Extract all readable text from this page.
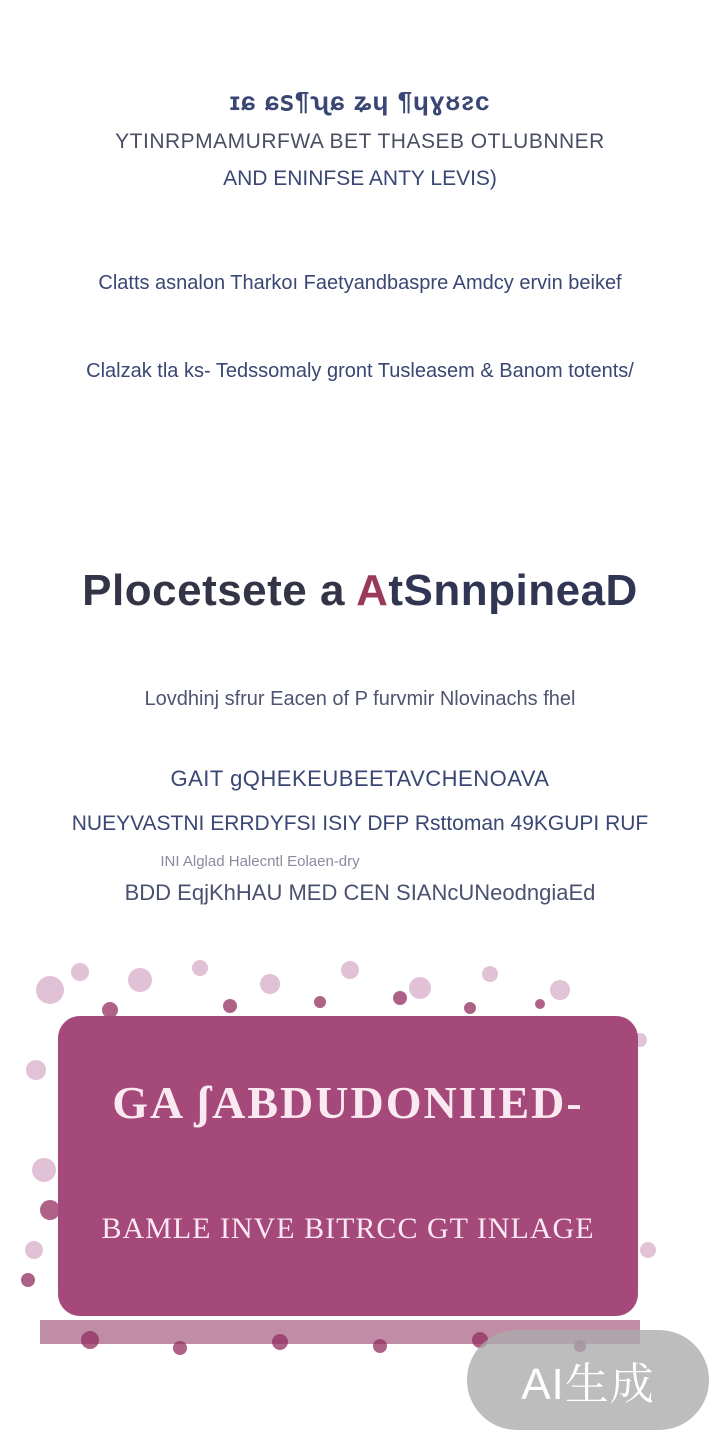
ɪɕ ɕꜱ¶ʯɕ ʑɥ ¶ɥɣᴕᴤᴄ
YTINRPMAMURFWA BET THASEB OTLUBNNER
AND ENINFSE ANTY LEVIS)
Clatts asnalon Tharkoı Faetyandbaspre Amdcy ervin beikef
Clalzak tla ks- Tedssomaly gront Tusleasem & Banom totents/
Plocetsete a AtSnnpineaD
Lovdhinj sfrur Eacen of P furvmir Nlovinachs fhel
GAIT ɡQHEKEUBEETAVCHENOAVA
NUEYVASTNI ERRDYFSI ISIY DFP Rsttoman 49KGUPI RUF
INI Alglad Halecntl Eolaen-dry
BDD EqjKhHAU MED CEN SIANcUNeodngiaEd
GA ʃABDUDONIIED-
BAMLE INVE BITRCC GT INLAGE
AI生成
